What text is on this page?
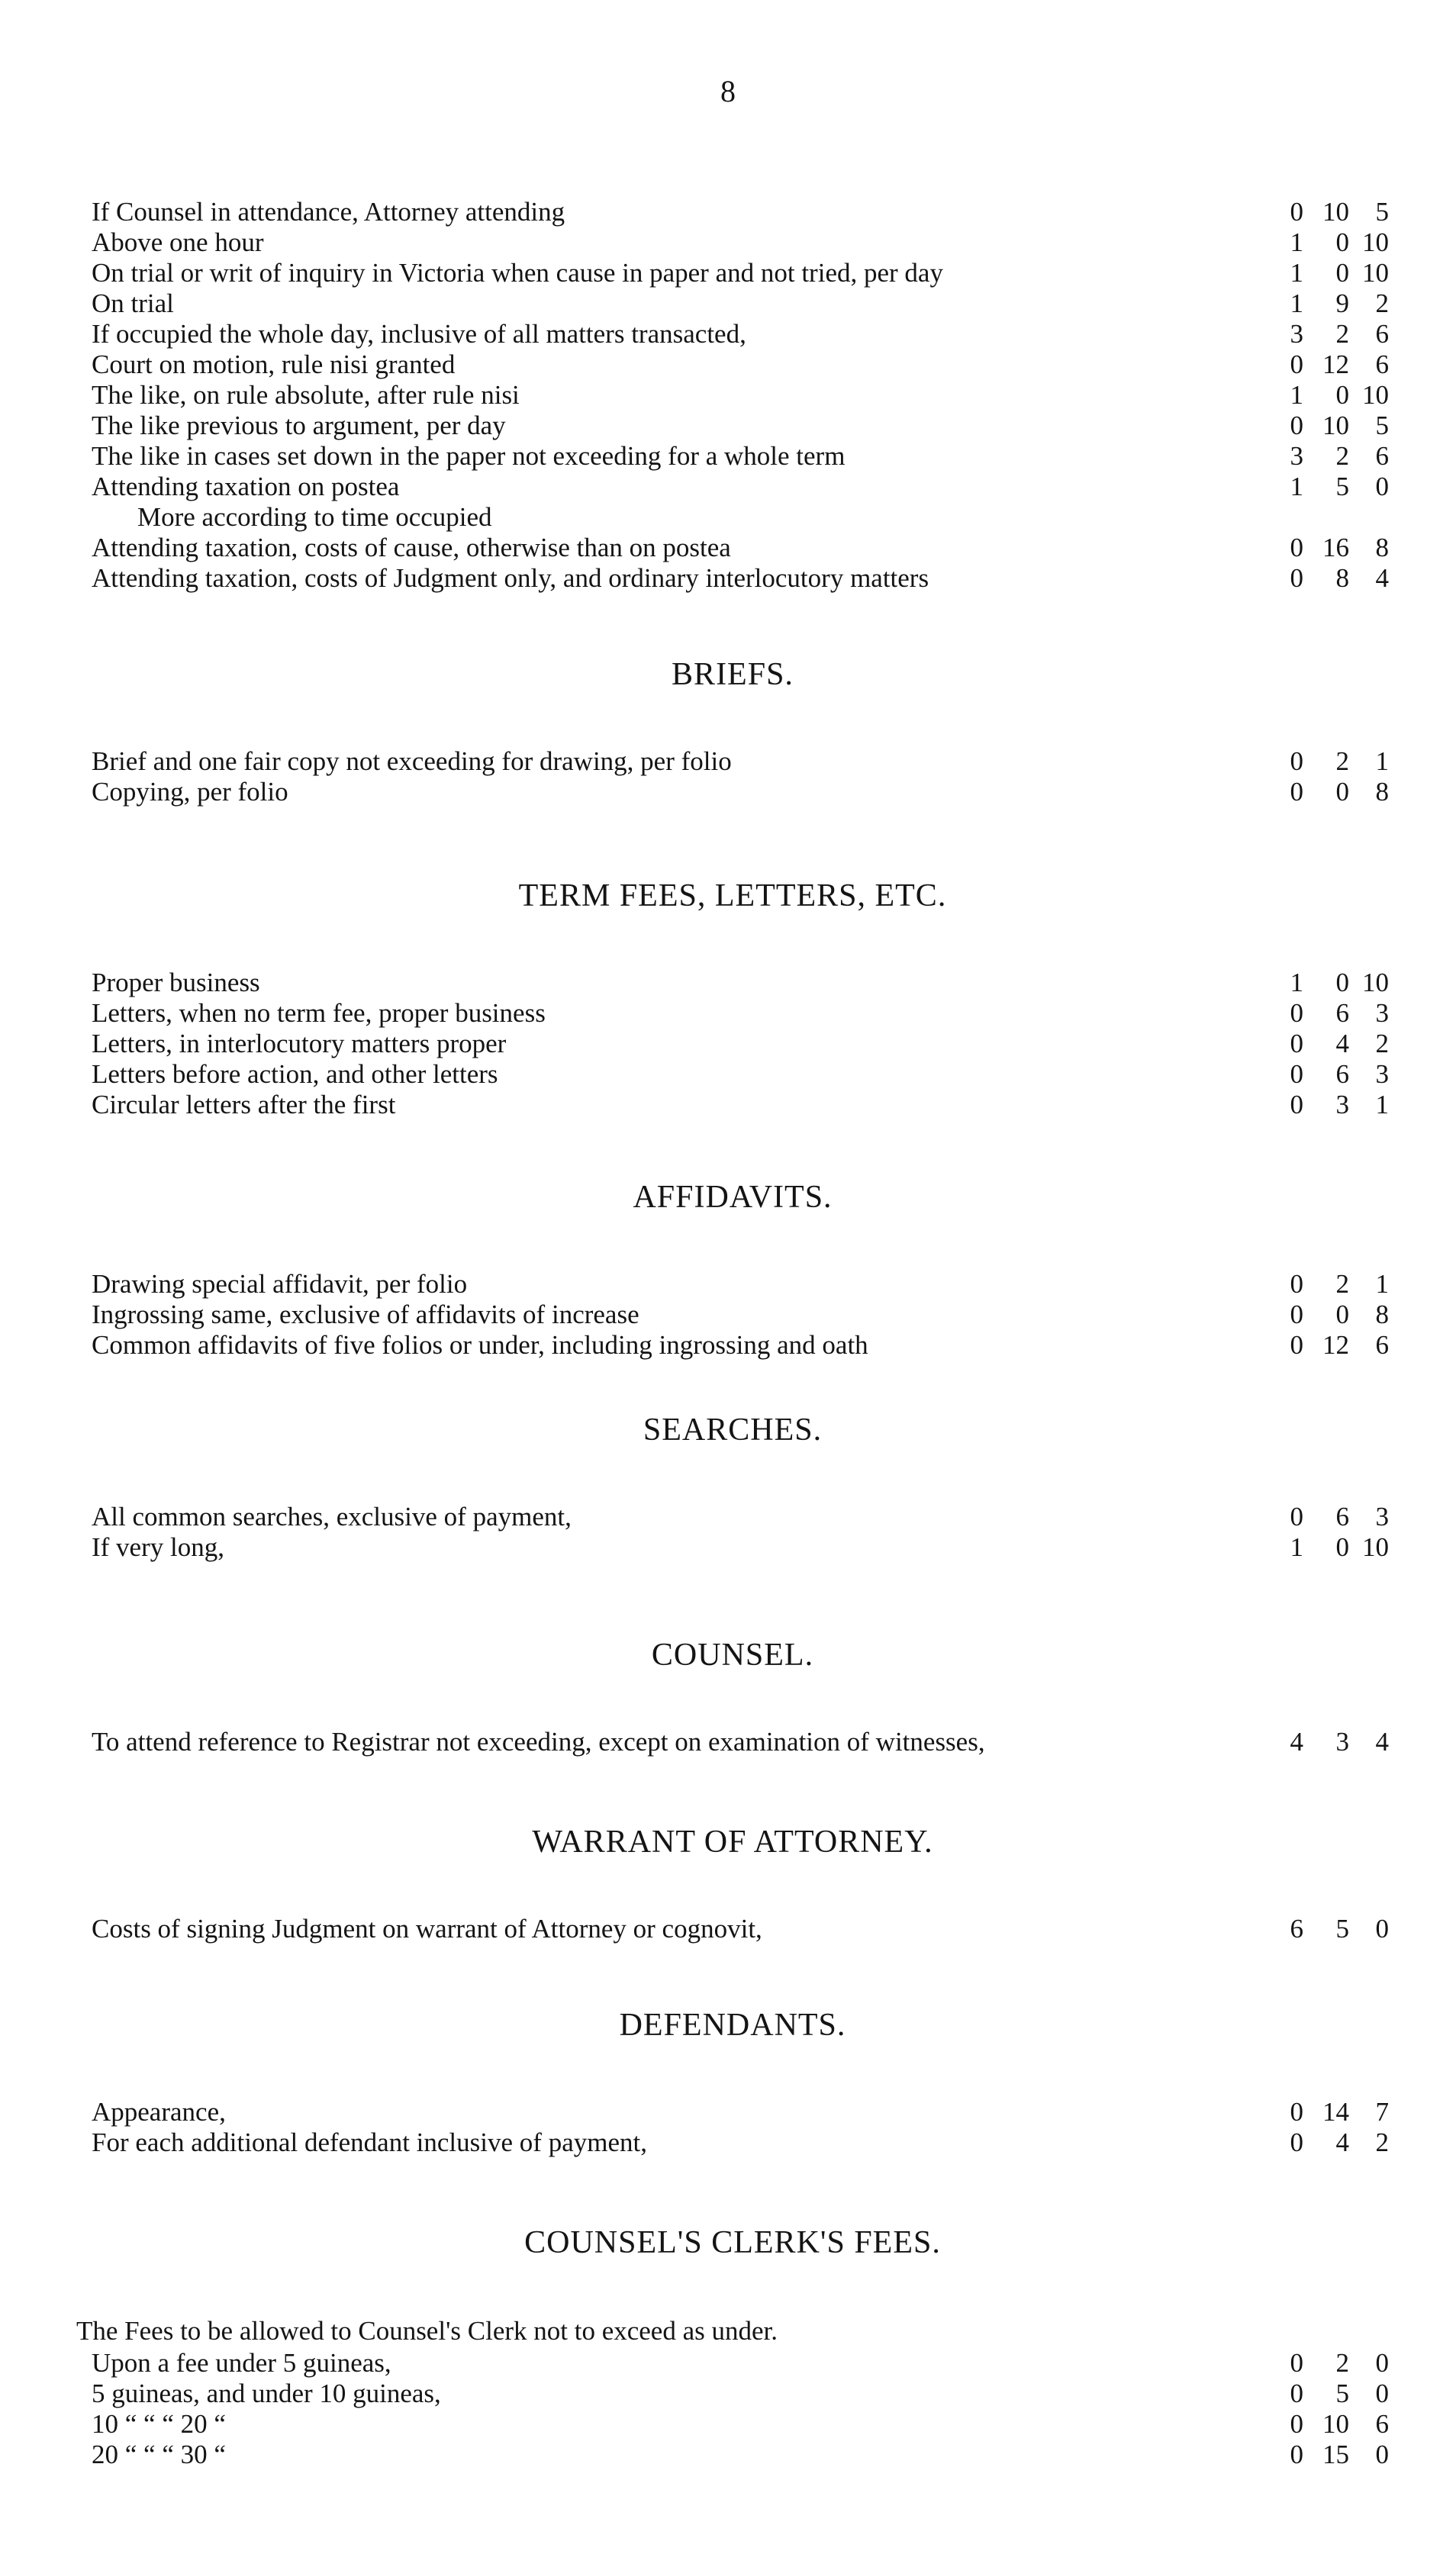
8
If Counsel in attendance, Attorney attending	0 10 5
Above one hour	1	0 10
On trial or writ of inquiry in Victoria when cause in paper and not tried, per day	1	0 10
On trial	1	9 2
If occupied the whole day, inclusive of all matters transacted,	3	2 6
Court on motion, rule nisi granted	0 12 6
The like, on rule absolute, after rule nisi	1	0 10
The like previous to argument, per day	0 10 5
The like in cases set down in the paper not exceeding for a whole term	3	2 6
Attending taxation on postea	1	5 0
More according to time occupied
Attending taxation, costs of cause, otherwise than on postea	0 16 8
Attending taxation, costs of Judgment only, and ordinary interlocutory matters	0	8 4
BRIEFS.
Brief and one fair copy not exceeding for drawing, per folio	0	2 1
Copying, per folio	0	0 8
TERM FEES, LETTERS, ETC.
Proper business	1	0 10
Letters, when no term fee, proper business	0	6 3
Letters, in interlocutory matters proper	0	4 2
Letters before action, and other letters	0	6 3
Circular letters after the first	0	3 1
AFFIDAVITS.
Drawing special affidavit, per folio	0	2 1
Ingrossing same, exclusive of affidavits of increase	0	0 8
Common affidavits of five folios or under, including ingrossing and oath	0 12 6
SEARCHES.
All common searches, exclusive of payment,	0	6 3
If very long,	1	0 10
COUNSEL.
To attend reference to Registrar not exceeding, except on examination of witnesses,	4	3 4
WARRANT OF ATTORNEY.
Costs of signing Judgment on warrant of Attorney or cognovit,	6	5 0
DEFENDANTS.
Appearance,	0 14 7
For each additional defendant inclusive of payment,	0	4 2
COUNSEL'S CLERK'S FEES.
The Fees to be allowed to Counsel's Clerk not to exceed as under.
Upon a fee under 5 guineas,	0	2 0
5 guineas, and under 10 guineas,	0	5 0
10 “ “ “ 20 “	0 10 6
20 “ “ “ 30 “	0 15 0
